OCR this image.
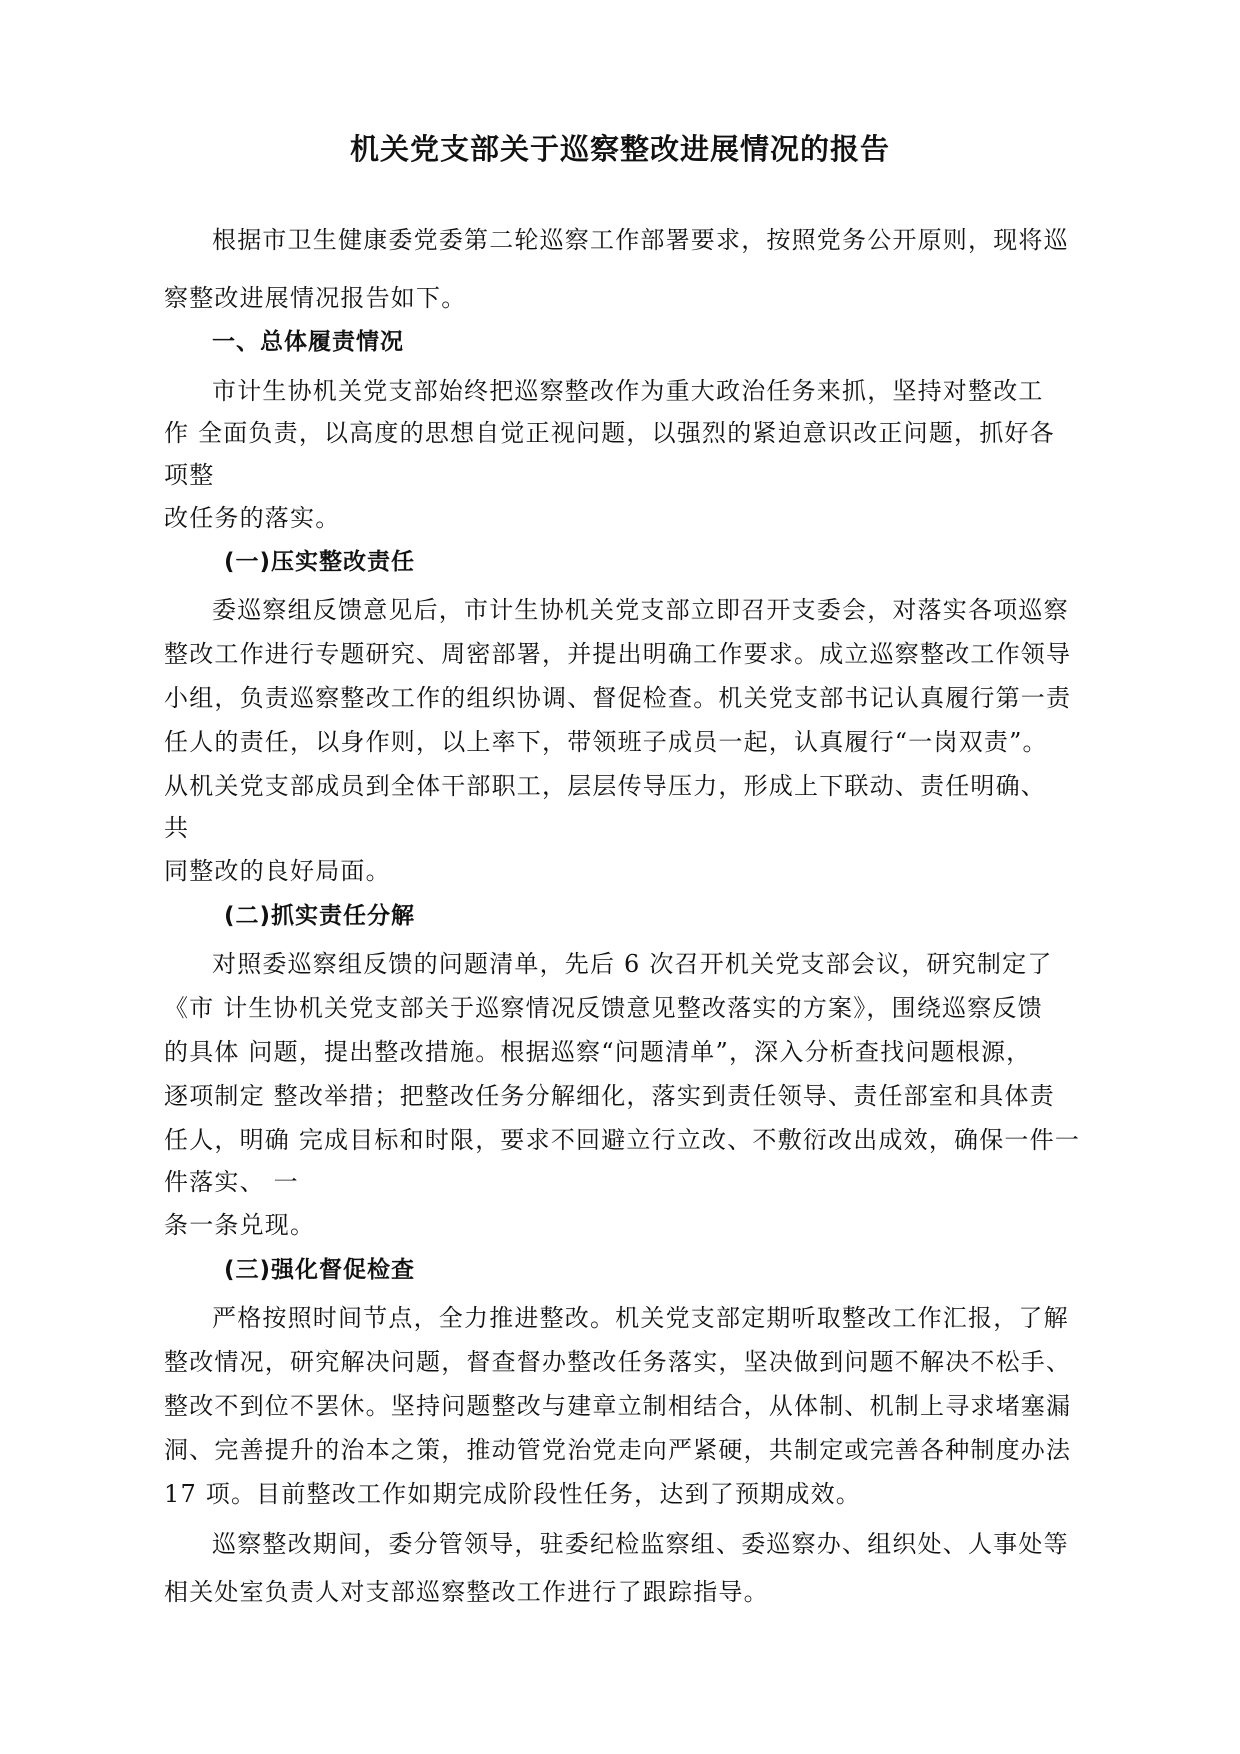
机关党支部关于巡察整改进展情况的报告

根据市卫生健康委党委第二轮巡察工作部署要求，按照党务公开原则，现将巡

察整改进展情况报告如下。

一、总体履责情况

市计生协机关党支部始终把巡察整改作为重大政治任务来抓，坚持对整改工

作 全面负责，以高度的思想自觉正视问题，以强烈的紧迫意识改正问题，抓好各

项整

改任务的落实。

(一)压实整改责任

委巡察组反馈意见后，市计生协机关党支部立即召开支委会，对落实各项巡察

整改工作进行专题研究、周密部署，并提出明确工作要求。成立巡察整改工作领导

小组，负责巡察整改工作的组织协调、督促检查。机关党支部书记认真履行第一责

任人的责任，以身作则，以上率下，带领班子成员一起，认真履行“一岗双责”。

从机关党支部成员到全体干部职工，层层传导压力，形成上下联动、责任明确、

共

同整改的良好局面。

(二)抓实责任分解

对照委巡察组反馈的问题清单，先后 6 次召开机关党支部会议，研究制定了

《市 计生协机关党支部关于巡察情况反馈意见整改落实的方案》，围绕巡察反馈

的具体 问题，提出整改措施。根据巡察“问题清单”，深入分析查找问题根源，

逐项制定 整改举措；把整改任务分解细化，落实到责任领导、责任部室和具体责

任人，明确 完成目标和时限，要求不回避立行立改、不敷衍改出成效，确保一件一

件落实、 一

条一条兑现。

(三)强化督促检查

严格按照时间节点，全力推进整改。机关党支部定期听取整改工作汇报，了解

整改情况，研究解决问题，督查督办整改任务落实，坚决做到问题不解决不松手、

整改不到位不罢休。坚持问题整改与建章立制相结合，从体制、机制上寻求堵塞漏

洞、完善提升的治本之策，推动管党治党走向严紧硬，共制定或完善各种制度办法

17 项。目前整改工作如期完成阶段性任务，达到了预期成效。

巡察整改期间，委分管领导，驻委纪检监察组、委巡察办、组织处、人事处等

相关处室负责人对支部巡察整改工作进行了跟踪指导。
